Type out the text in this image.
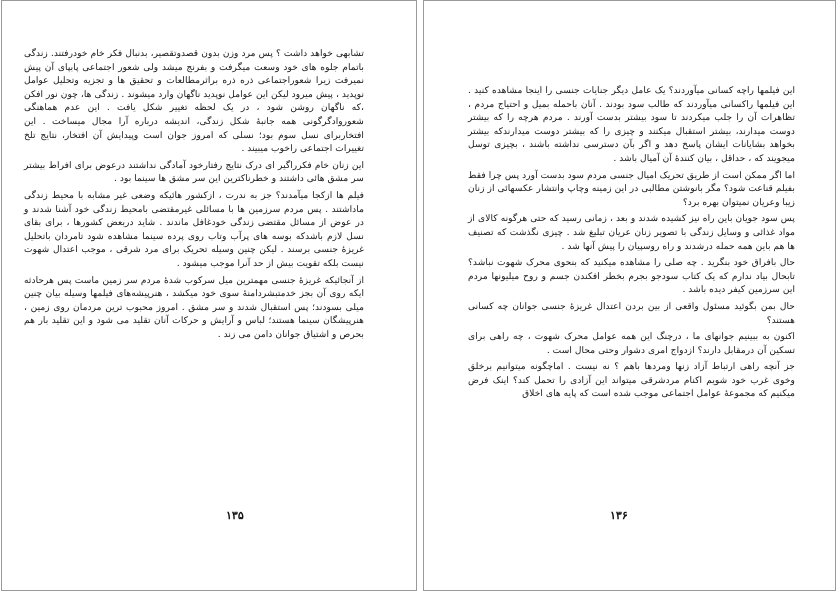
تشابهی خواهد داشت ؟ پس مرد وزن بدون قصدوتقصیر، بدنبال فکر خام خودرفتند. زندگی باتمام جلوه های خود وسعت میگرفت و بفرنج میشد ولی شعور اجتماعی پابپای آن پیش نمیرفت زیرا شعوراجتماعی ذره ذره براثرمطالعات و تحقیق ها و تجزیه وتحلیل عوامل نوپدید ، پیش میرود لیکن این عوامل نوپدید ناگهان وارد میشوند . زندگی ها، چون نور افکن ،که ناگهان روشن شود ، در یک لحظه تغییر شکل یافت . این عدم هماهنگی شعوروادگرگونی همه جانبهٔ شکل زندگی، اندیشه درباره آرا مجال میساخت . این افتخاربرای نسل سوم بود؛ نسلی که امروز جوان است وپیدایش آن افتخار، نتایج تلخ تغییرات اجتماعی راخوب میبیند .

این زنان خام فکرراگیر ای درک نتایج رفتارخود آمادگی نداشتند درعوض برای افراط بیشتر سر مشق هائی داشتند و خطرناکترین این سر مشق ها سینما بود .

فیلم ها ازکجا میآمدند؟ جز به ندرت ، ازکشور هائیکه وضعی غیر مشابه با محیط زندگی ماداشتند . پس مردم سرزمین ها با مسائلی غیرمقتضی بامحیط زندگی خود آشنا شدند و در عوض از مسائل مقتضی زندگی خودغافل ماندند . شاید دربعض کشورها ، برای بقای نسل لازم باشدکه بوسه های پرآب وتاب روی پرده سینما مشاهده شود تامردان باتحلیل غریزهٔ جنسی برسند . لیکن چنین وسیله تحریک برای مرد شرقی ، موجب اعتدال شهوت نیست بلکه تقویت بیش از حد آنرا موجب میشود .

از آنجائیکه غریزهٔ جنسی مهمترین میل سرکوب شدهٔ مردم سر زمین ماست پس هرحادثه ایکه روی آن بجز خدمتبشردامنهٔ سوی خود میکشد ، هنرپیشه‌های فیلمها وسیله بیان چنین میلی بسودند؛ پس استقبال شدند و سر مشق . امروز محبوب ترین مردمان روی زمین ، هنرپیشگان سینما هستند؛ لباس و آرایش و حرکات آنان تقلید می شود و این تقلید بار هم بحرص و اشتیاق جوانان دامن می زند .

۱۳۵

این فیلمها راچه کسانی میآوردند؟ یک عامل دیگر جنایات جنسی را اینجا مشاهده کنید . این فیلمها راکسانی میآوردند که طالب سود بودند . آنان باحمله بمیل و احتیاج مردم ، تظاهرات آن را جلب میکردند تا سود بیشتر بدست آورند . مردم هرچه را که بیشتر دوست میدارند، بیشتر استقبال میکنند و چیزی را که بیشتر دوست میدارندکه بیشتر بخواهد بشایانات ایشان پاسخ دهد و اگر بآن دسترسی نداشته باشند ، بچیزی توسل میجویند که ، حداقل ، بیان کنندهٔ آن آمیال باشد .

اما اگر ممکن است از طریق تحریک امیال جنسی مردم سود بدست آورد پس چرا فقط بفیلم قناعت شود؟ مگر بانوشتن مطالبی در این زمینه وچاپ وانتشار عکسهائی از زنان زیبا وعریان نمیتوان بهره برد؟

پس سود جویان باین راه نیز کشیده شدند و بعد ، زمانی رسید که حتی هرگونه کالای از مواد غذائی و وسایل زندگی با تصویر زنان عریان تبلیغ شد . چیزی نگذشت که تصنیف ها هم باین همه حمله درشدند و راه روسپیان را پیش آنها شد .

حال بافراق خود بنگرید . چه صلی را مشاهده میکنید که بنحوی محرک شهوت نباشد؟ تابحال بیاد ندارم که یک کتاب سودجو بجرم بخطر افکندن جسم و روح میلیونها مردم این سرزمین کیفر دیده باشد .

حال بمن بگوئید مسئول واقعی از بین بردن اعتدال غریزهٔ جنسی جوانان چه کسانی هستند؟

اکنون به ببینیم جوانهای ما ، درچنگ این همه عوامل محرک شهوت ، چه راهی برای تسکین آن درمقابل دارند؟ ازدواج امری دشوار وحتی محال است .

جز آنچه راهی ارتباط آزاد زنها ومردها باهم ؟ نه نیست . اماچگونه میتوانیم برخلق وخوی غرب خود شویم اکنام مردشرقی میتواند این آزادی را تحمل کند؟ اینک فرض میکنیم که مجموعهٔ عوامل اجتماعی موجب شده است که پایه های اخلاق

۱۳۶
